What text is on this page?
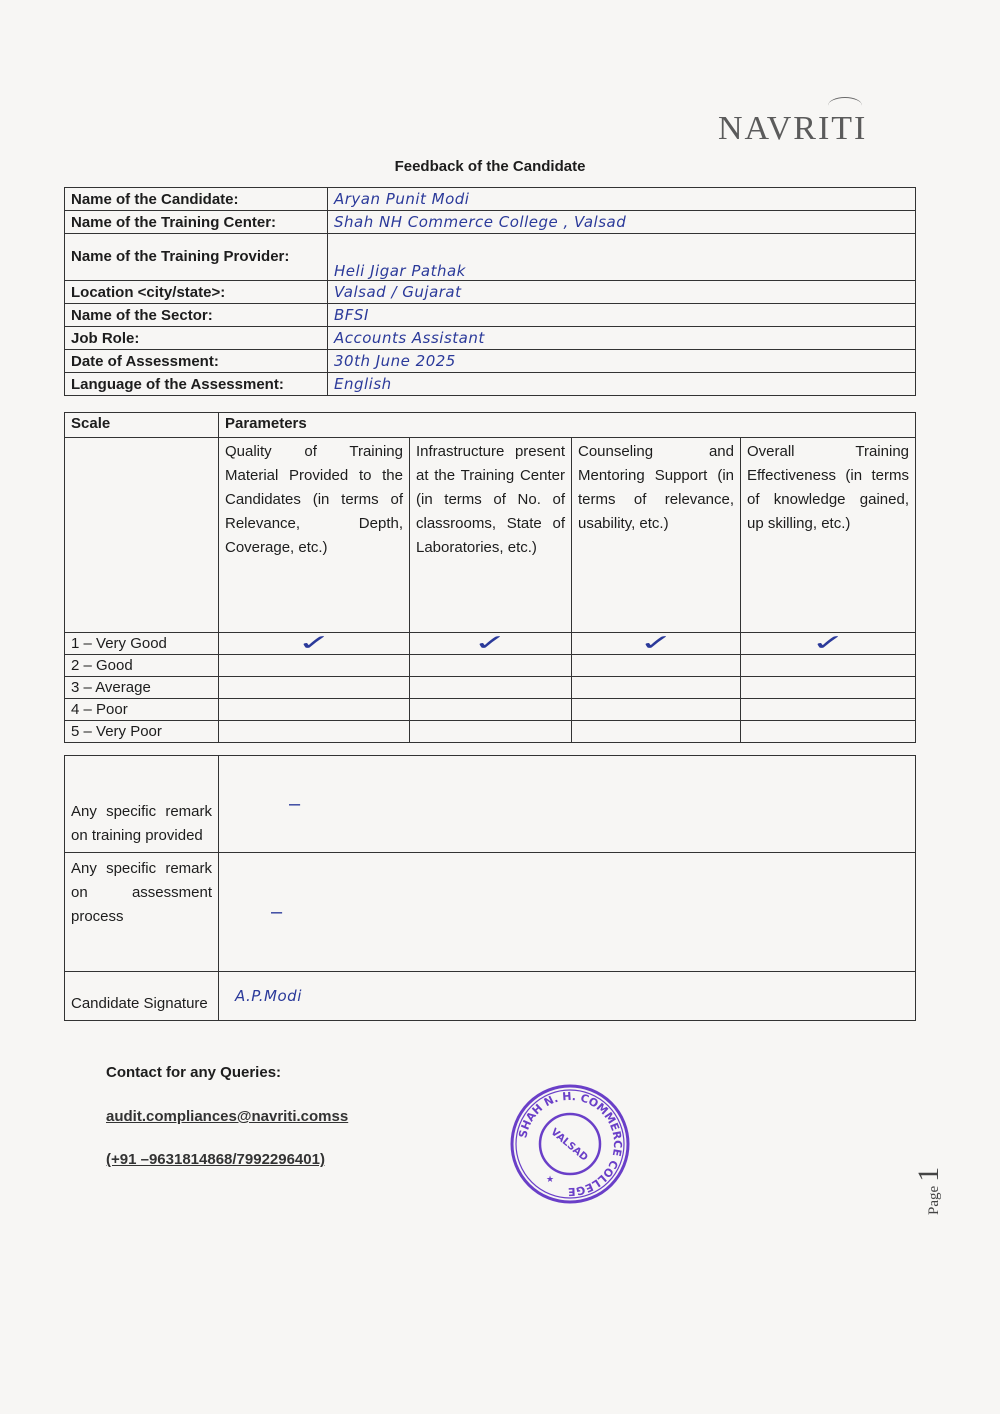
NAVRITI
Feedback of the Candidate
Name of the Candidate:	Aryan Punit Modi
Name of the Training Center:	Shah NH Commerce College , Valsad

Name of the Training Provider:	Heli Jigar Pathak
Location <city/state>:	Valsad / Gujarat
Name of the Sector:	BFSI
Job Role:	Accounts Assistant
Date of Assessment:	30th June 2025
Language of the Assessment:	English
Scale	Parameters			
	Quality of Training Material Provided to the Candidates (in terms of Relevance, Depth, Coverage, etc.)	Infrastructure present at the Training Center (in terms of No. of classrooms, State of Laboratories, etc.)	Counseling and Mentoring Support (in terms of relevance, usability, etc.)	Overall Training Effectiveness (in terms of knowledge gained, up skilling, etc.)
1 – Very Good	✓	✓	✓	✓
2 – Good				
3 – Average				
4 – Poor				
5 – Very Poor				
Any specific remark on training provided	–
Any specific remark on assessment process	–
Candidate Signature	A.P.Modi
Contact for any Queries:
audit.compliances@navriti.comss
(+91 –9631814868/7992296401)
SHAH N. H. COMMERCE COLLEGE
VALSAD
★
Page 1
